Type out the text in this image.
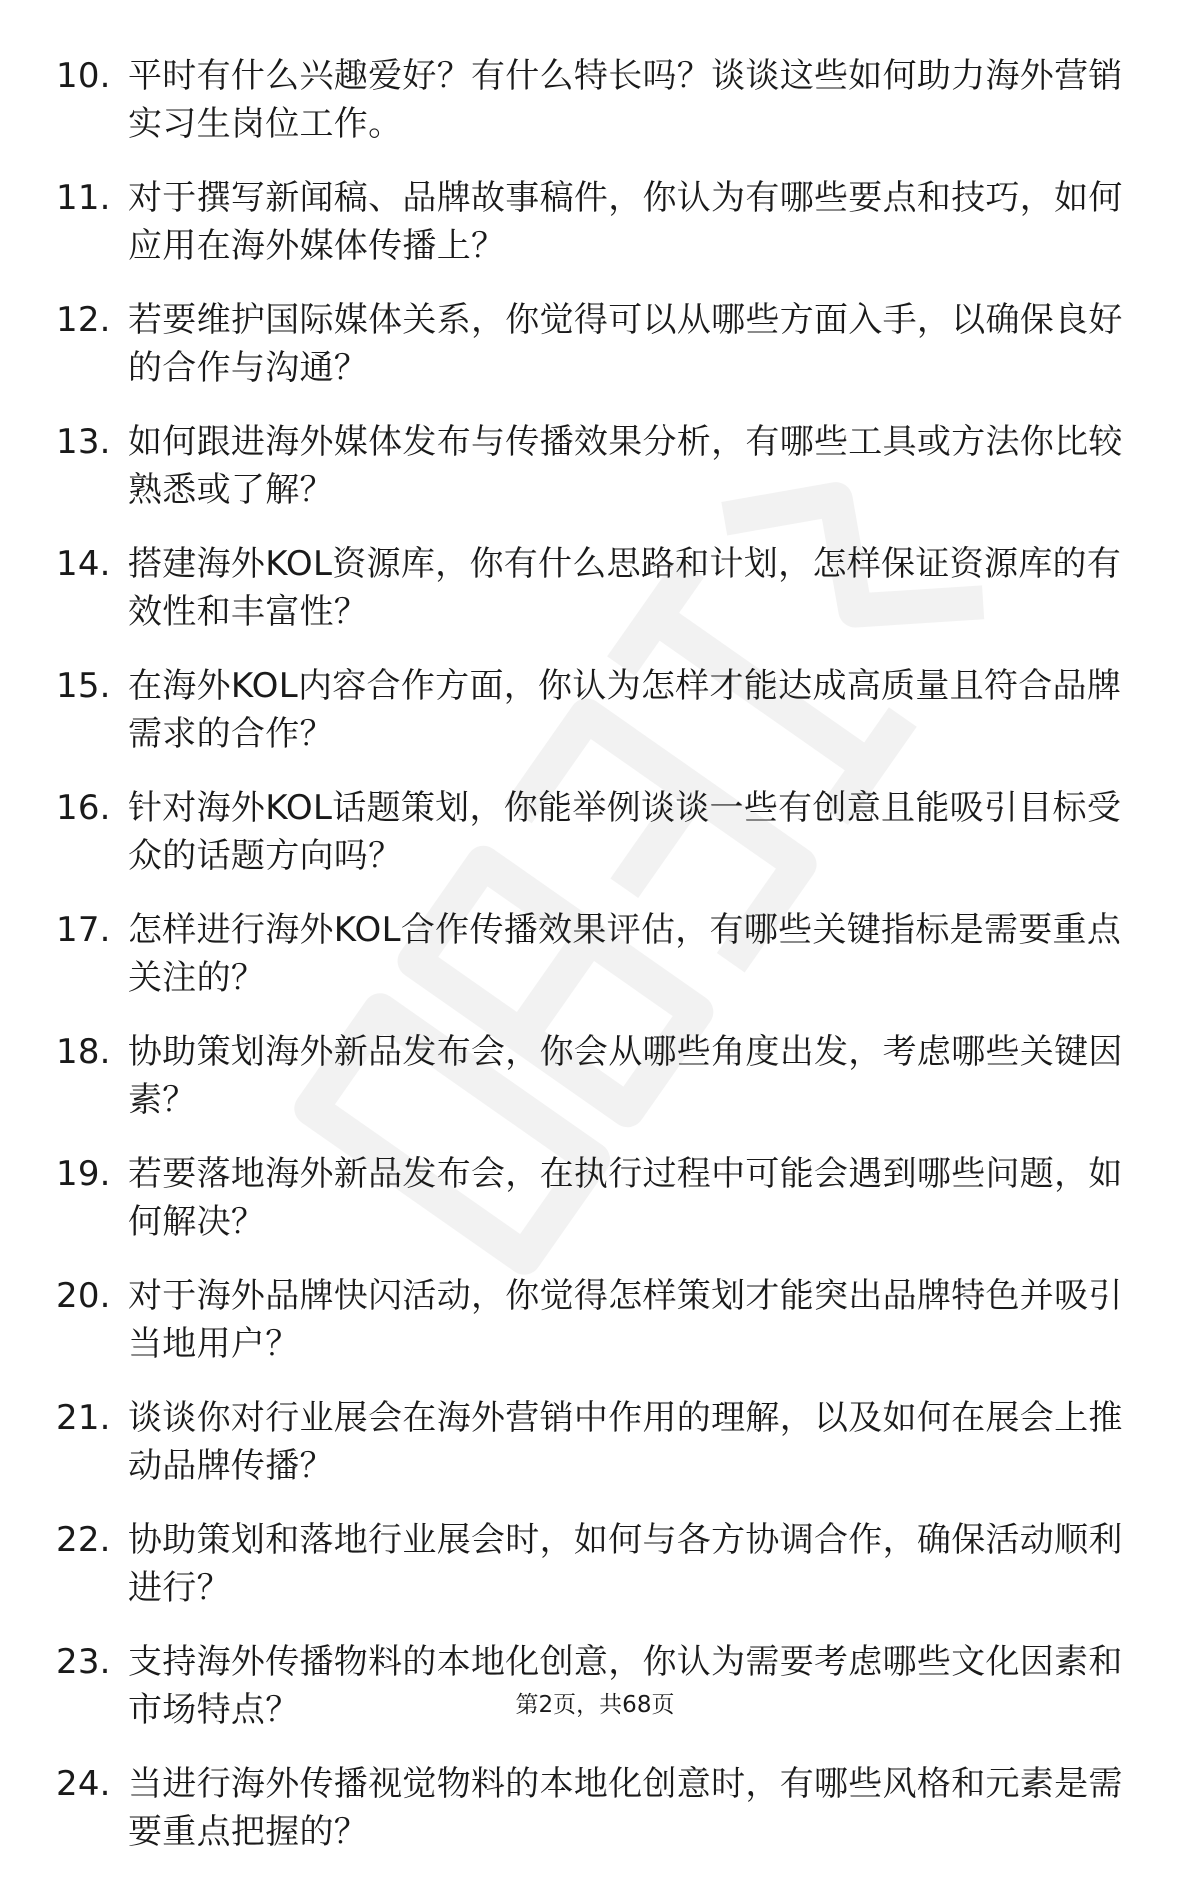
10. 平时有什么兴趣爱好？有什么特长吗？谈谈这些如何助力海外营销实习生岗位工作。
11. 对于撰写新闻稿、品牌故事稿件，你认为有哪些要点和技巧，如何应用在海外媒体传播上？
12. 若要维护国际媒体关系，你觉得可以从哪些方面入手，以确保良好的合作与沟通？
13. 如何跟进海外媒体发布与传播效果分析，有哪些工具或方法你比较熟悉或了解？
14. 搭建海外KOL资源库，你有什么思路和计划，怎样保证资源库的有效性和丰富性？
15. 在海外KOL内容合作方面，你认为怎样才能达成高质量且符合品牌需求的合作？
16. 针对海外KOL话题策划，你能举例谈谈一些有创意且能吸引目标受众的话题方向吗？
17. 怎样进行海外KOL合作传播效果评估，有哪些关键指标是需要重点关注的？
18. 协助策划海外新品发布会，你会从哪些角度出发，考虑哪些关键因素？
19. 若要落地海外新品发布会，在执行过程中可能会遇到哪些问题，如何解决？
20. 对于海外品牌快闪活动，你觉得怎样策划才能突出品牌特色并吸引当地用户？
21. 谈谈你对行业展会在海外营销中作用的理解，以及如何在展会上推动品牌传播？
22. 协助策划和落地行业展会时，如何与各方协调合作，确保活动顺利进行？
23. 支持海外传播物料的本地化创意，你认为需要考虑哪些文化因素和市场特点？
24. 当进行海外传播视觉物料的本地化创意时，有哪些风格和元素是需要重点把握的？
第2页，共68页
